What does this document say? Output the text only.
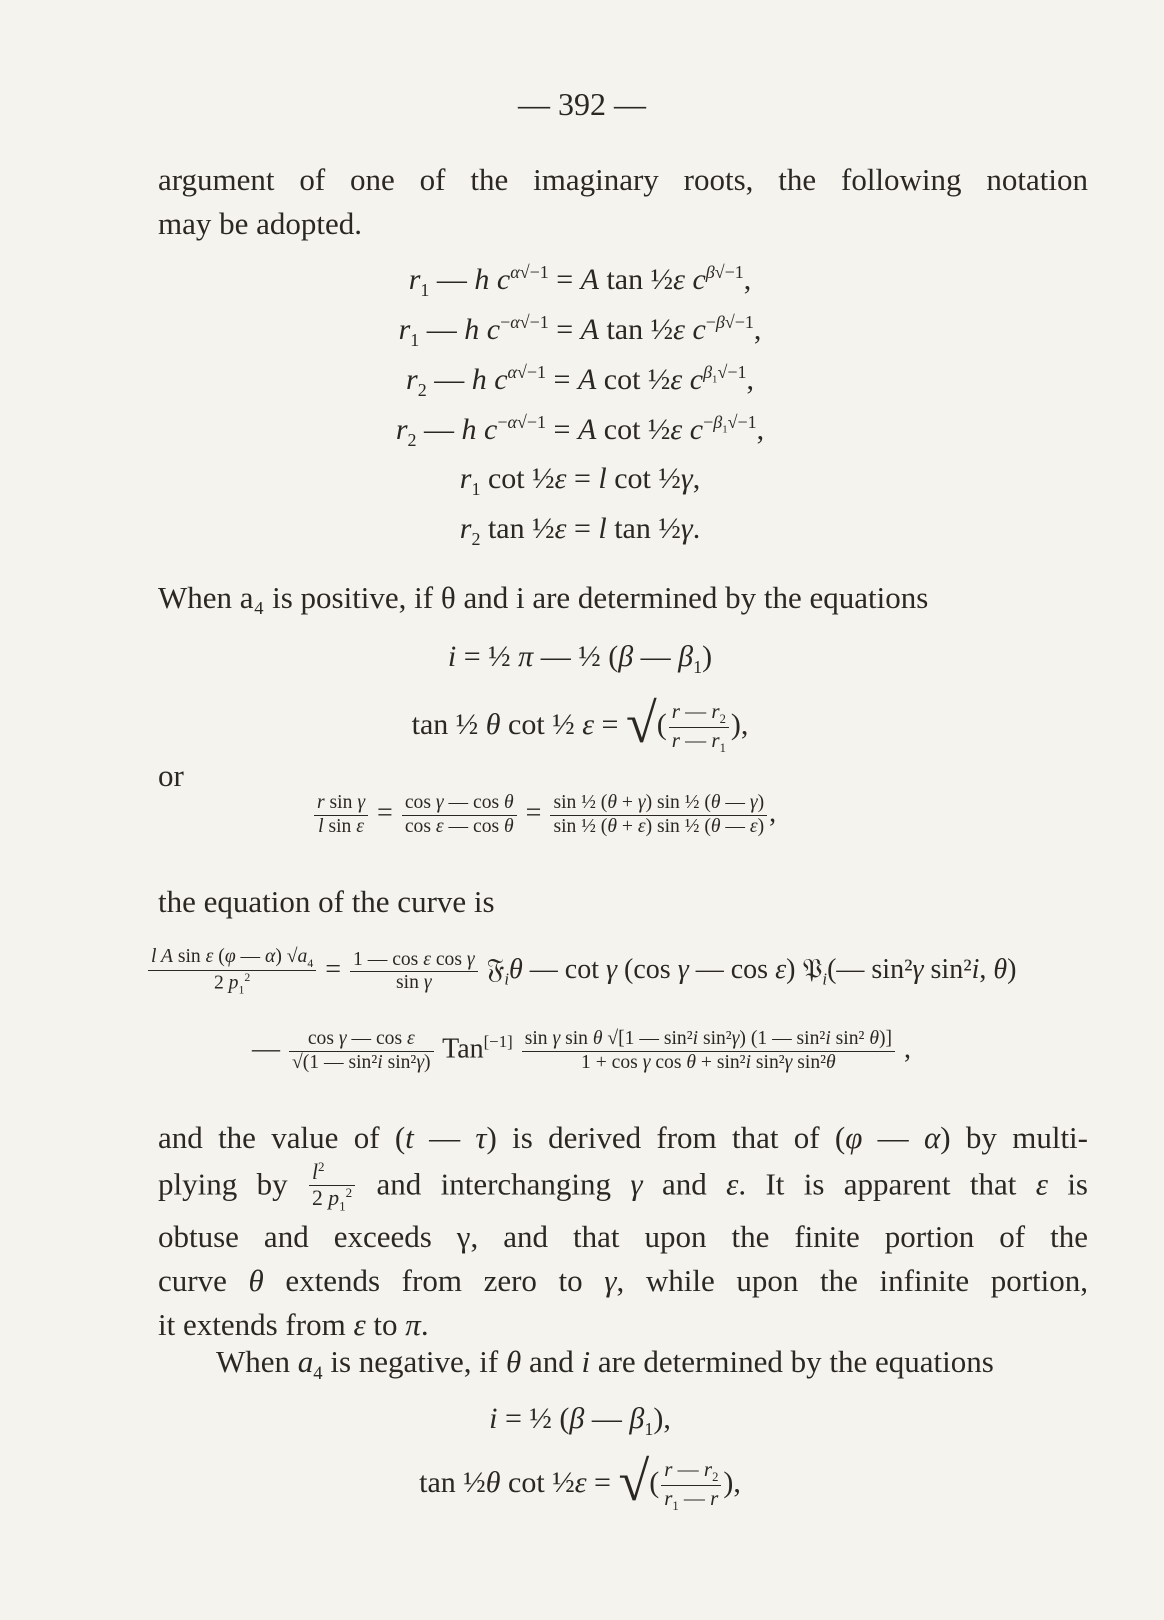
— 392 —
argument of one of the imaginary roots, the following notation
may be adopted.
$r_1$ — h $c^{\alpha√-1} = A$ tan ½ε $c^{\beta√-1}$,
$r_1$ — h $c^{-\alpha√-1} = A$ tan ½ε $c^{-\beta√-1}$,
$r_2$ — h $c^{\alpha√-1} = A$ cot ½ε $c^{\beta_1√-1}$,
$r_2$ — h $c^{-\alpha√-1} = A$ cot ½ε $c^{-\beta_1√-1}$,
$r_1$ cot ½ε = l cot ½γ,
$r_2$ tan ½ε = l tan ½γ.
When a₄ is positive, if θ and i are determined by the equations
i = ½ π — ½ (β — $\beta_1$)
tan ½ θ cot ½ ε = √( $\frac{r — r_2}{r — r_1}$ ),
or
$\frac{\text{r sin γ}}{\text{l sin ε}} = \frac{\text{cos γ — cos θ}}{\text{cos ε — cos θ}} = \frac{\text{sin ½ (θ + γ) sin ½ (θ — γ)}}{\text{sin ½ (θ + ε) sin ½ (θ — ε)}}$ ,
the equation of the curve is
$\frac{l A \sin \varepsilon (\varphi — \alpha) √a_4}{2 p_1^2} = \frac{\text{1 — cos ε cos γ}}{\text{sin γ}}$ 𝔉$_i$θ — cot γ (cos γ — cos ε) 𝔓$_i$(— sin²γ sin²i, θ)
— $\frac{\text{cos γ — cos ε}}{\text{√(1 — sin²i sin²γ)}} Tan[-1] \frac{\text{sin γ sin θ √[1 — sin²i sin²γ) (1 — sin²i sin² θ)]}}{\text{1 + cos γ cos θ + sin²i sin²γ sin²θ}}$ ,
and the value of (t — τ) is derived from that of (φ — α) by multi-
plying by $\frac{l^2}{2 p_1^2}$ and interchanging γ and ε. It is apparent that ε is
obtuse and exceeds γ, and that upon the finite portion of the
curve θ extends from zero to γ, while upon the infinite portion,
it extends from ε to π.
When $a_4$ is negative, if θ and i are determined by the equations
i = ½ (β — $\beta_1$),
tan ½θ cot ½ε = √( $\frac{r — r_2}{r_1 — r}$ ),
